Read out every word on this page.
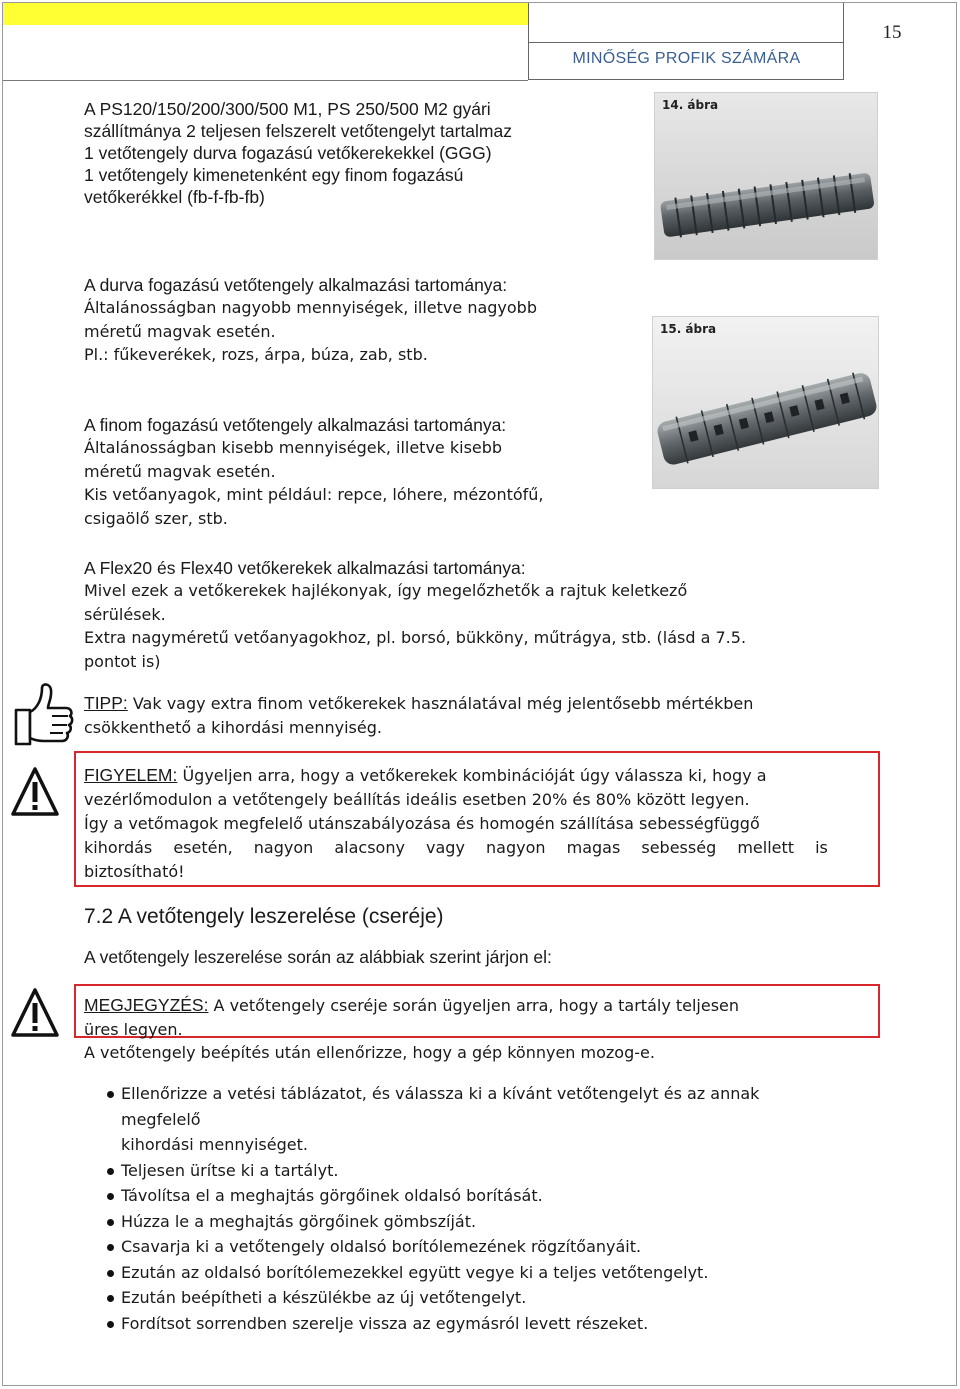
MINŐSÉG PROFIK SZÁMÁRA
15
A PS120/150/200/300/500 M1, PS 250/500 M2 gyári
szállítmánya 2 teljesen felszerelt vetőtengelyt tartalmaz
1 vetőtengely durva fogazású vetőkerekekkel (GGG)
1 vetőtengely kimenetenként egy finom fogazású
vetőkerékkel (fb-f-fb-fb)
14. ábra
A durva fogazású vetőtengely alkalmazási tartománya:
Általánosságban nagyobb mennyiségek, illetve nagyobb
méretű magvak esetén.
Pl.: fűkeverékek, rozs, árpa, búza, zab, stb.
15. ábra
A finom fogazású vetőtengely alkalmazási tartománya:
Általánosságban kisebb mennyiségek, illetve kisebb
méretű magvak esetén.
Kis vetőanyagok, mint például: repce, lóhere, mézontófű,
csigaölő szer, stb.
A Flex20 és Flex40 vetőkerekek alkalmazási tartománya:
Mivel ezek a vetőkerekek hajlékonyak, így megelőzhetők a rajtuk keletkező
sérülések.
Extra nagyméretű vetőanyagokhoz, pl. borsó, bükköny, műtrágya, stb. (lásd a 7.5.
pontot is)
TIPP: Vak vagy extra finom vetőkerekek használatával még jelentősebb mértékben
csökkenthető a kihordási mennyiség.
FIGYELEM: Ügyeljen arra, hogy a vetőkerekek kombinációját úgy válassza ki, hogy a
vezérlőmodulon a vetőtengely beállítás ideális esetben 20% és 80% között legyen.
Így a vetőmagok megfelelő utánszabályozása és homogén szállítása sebességfüggő
kihordás esetén, nagyon alacsony vagy nagyon magas sebesség mellett is
biztosítható!
7.2 A vetőtengely leszerelése (cseréje)
A vetőtengely leszerelése során az alábbiak szerint járjon el:
MEGJEGYZÉS: A vetőtengely cseréje során ügyeljen arra, hogy a tartály teljesen
üres legyen.
A vetőtengely beépítés után ellenőrizze, hogy a gép könnyen mozog-e.
Ellenőrizze a vetési táblázatot, és válassza ki a kívánt vetőtengelyt és az annak
megfelelő
kihordási mennyiséget.
Teljesen ürítse ki a tartályt.
Távolítsa el a meghajtás görgőinek oldalsó borítását.
Húzza le a meghajtás görgőinek gömbszíját.
Csavarja ki a vetőtengely oldalsó borítólemezének rögzítőanyáit.
Ezután az oldalsó borítólemezekkel együtt vegye ki a teljes vetőtengelyt.
Ezután beépítheti a készülékbe az új vetőtengelyt.
Fordítsot sorrendben szerelje vissza az egymásról levett részeket.
